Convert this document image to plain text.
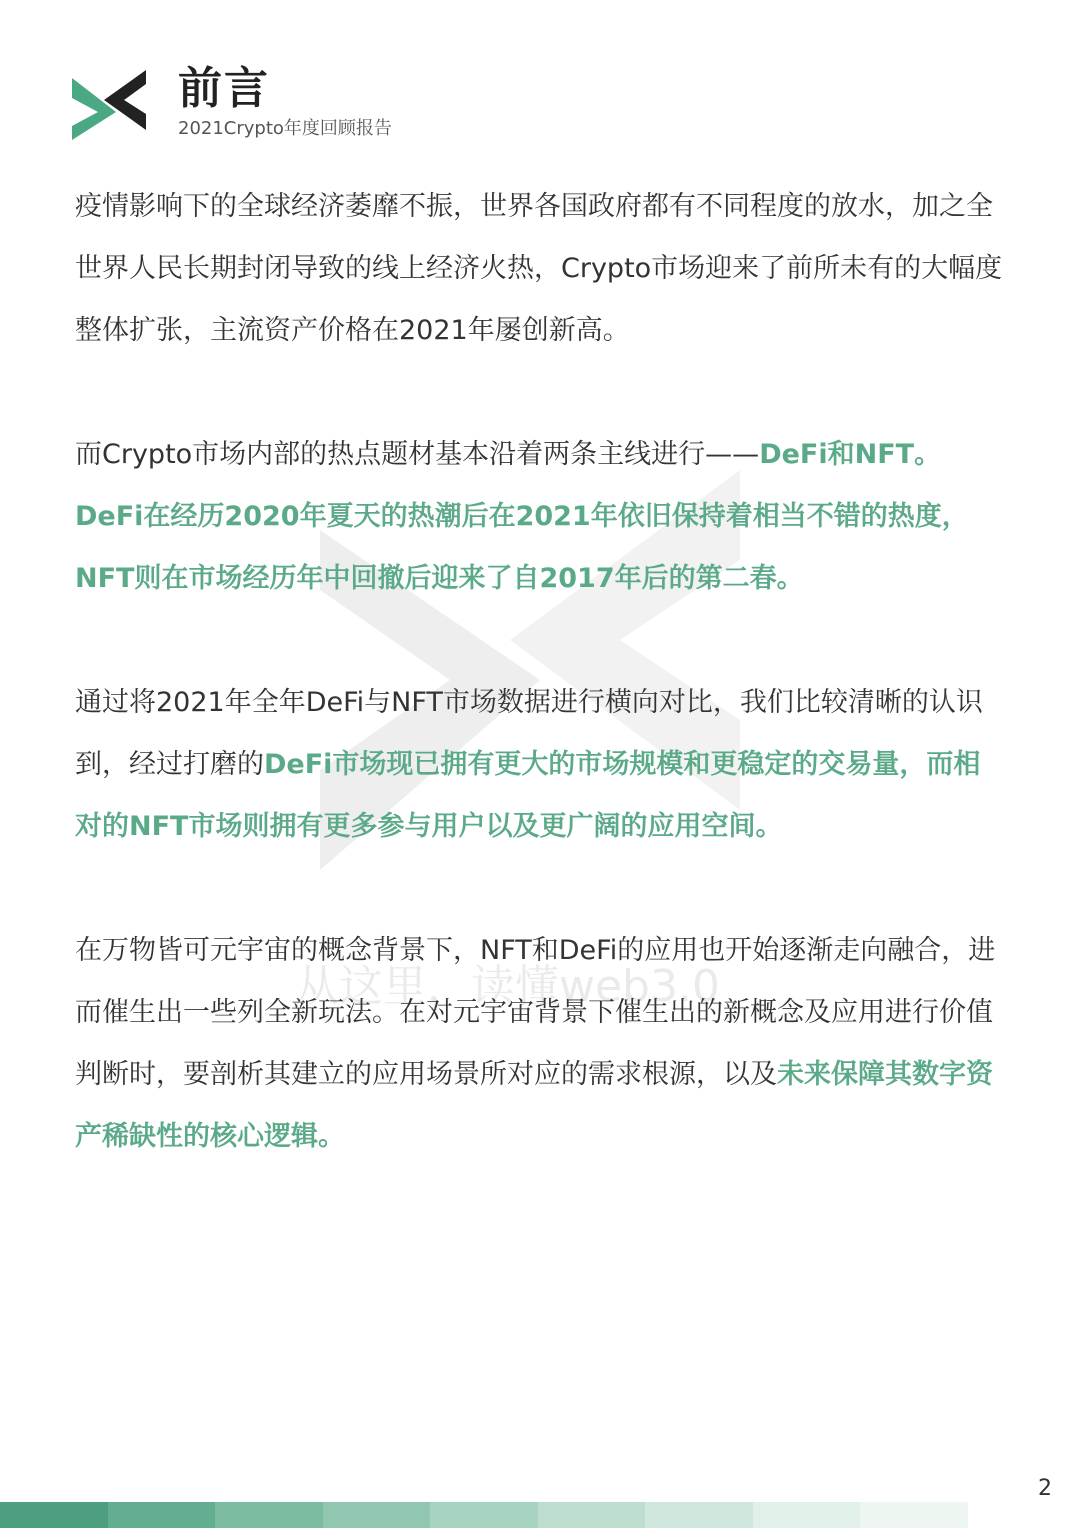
前言
2021Crypto年度回顾报告
从这里，读懂web3.0

疫情影响下的全球经济萎靡不振，世界各国政府都有不同程度的放水，加之全世界人民长期封闭导致的线上经济火热，Crypto市场迎来了前所未有的大幅度整体扩张，主流资产价格在2021年屡创新高。

而Crypto市场内部的热点题材基本沿着两条主线进行——DeFi和NFT。DeFi在经历2020年夏天的热潮后在2021年依旧保持着相当不错的热度，NFT则在市场经历年中回撤后迎来了自2017年后的第二春。

通过将2021年全年DeFi与NFT市场数据进行横向对比，我们比较清晰的认识到，经过打磨的DeFi市场现已拥有更大的市场规模和更稳定的交易量，而相对的NFT市场则拥有更多参与用户以及更广阔的应用空间。

在万物皆可元宇宙的概念背景下，NFT和DeFi的应用也开始逐渐走向融合，进而催生出一些列全新玩法。在对元宇宙背景下催生出的新概念及应用进行价值判断时，要剖析其建立的应用场景所对应的需求根源，以及未来保障其数字资产稀缺性的核心逻辑。

2
